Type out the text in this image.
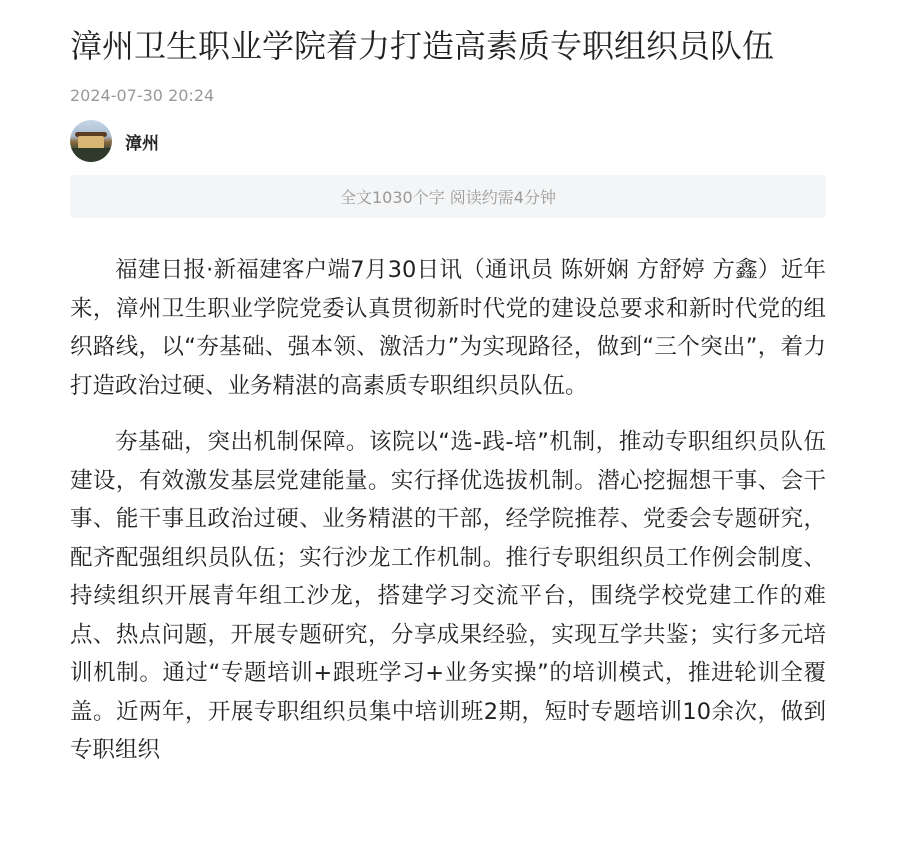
漳州卫生职业学院着力打造高素质专职组织员队伍
2024-07-30 20:24
漳州
全文1030个字 阅读约需4分钟

福建日报·新福建客户端7月30日讯（通讯员 陈妍娴 方舒婷 方鑫）近年来，漳州卫生职业学院党委认真贯彻新时代党的建设总要求和新时代党的组织路线，以“夯基础、强本领、激活力”为实现路径，做到“三个突出”，着力打造政治过硬、业务精湛的高素质专职组织员队伍。

夯基础，突出机制保障。该院以“选-践-培”机制，推动专职组织员队伍建设，有效激发基层党建能量。实行择优选拔机制。潜心挖掘想干事、会干事、能干事且政治过硬、业务精湛的干部，经学院推荐、党委会专题研究，配齐配强组织员队伍；实行沙龙工作机制。推行专职组织员工作例会制度、持续组织开展青年组工沙龙，搭建学习交流平台，围绕学校党建工作的难点、热点问题，开展专题研究，分享成果经验，实现互学共鉴；实行多元培训机制。通过“专题培训+跟班学习+业务实操”的培训模式，推进轮训全覆盖。近两年，开展专职组织员集中培训班2期，短时专题培训10余次，做到专职组织
